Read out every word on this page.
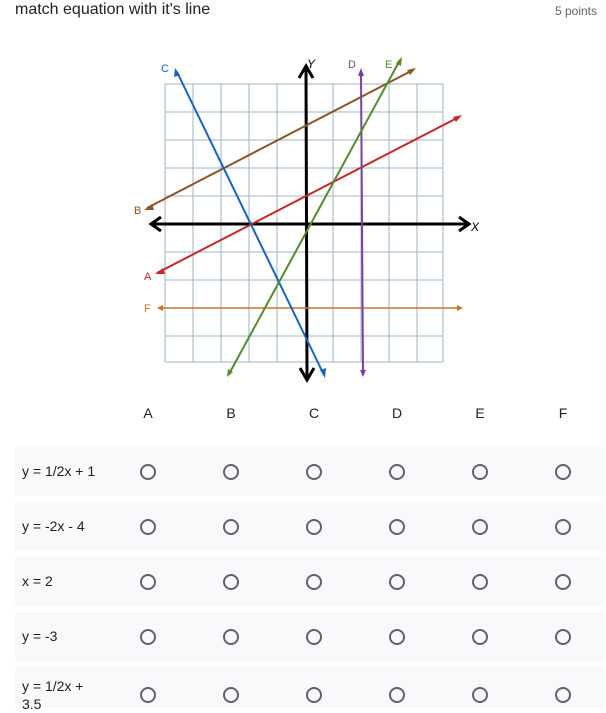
match equation with it's line	5 points
X
Y
C	D	E
B
A
F
A	B	C	D	E	F
y = 1/2x + 1
y = -2x - 4
x = 2
y = -3
y = 1/2x + 3.5
